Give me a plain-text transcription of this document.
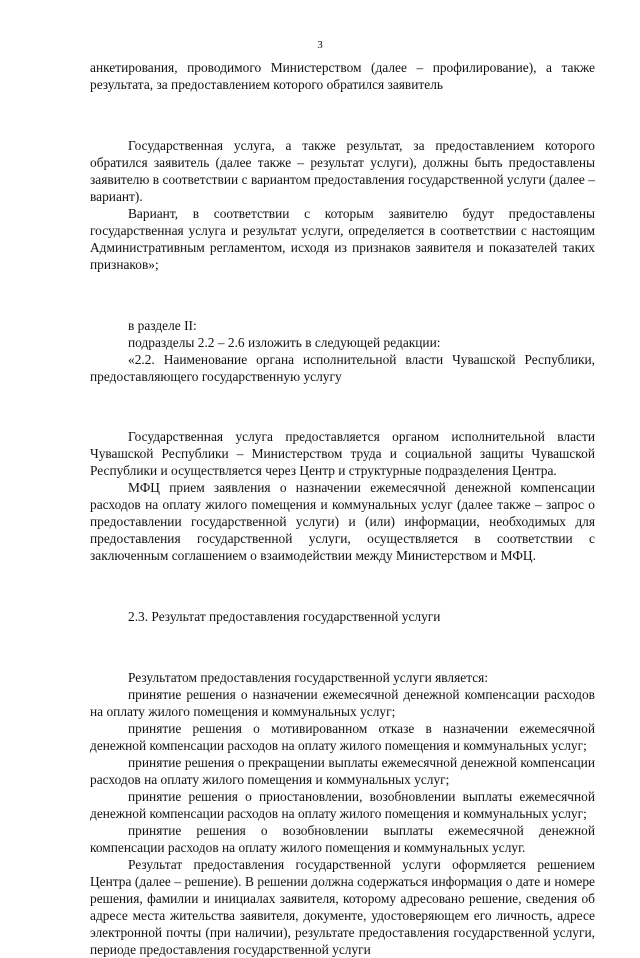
3

анкетирования, проводимого Министерством (далее – профилирование), а также результата, за предоставлением которого обратился заявитель

Государственная услуга, а также результат, за предоставлением которого обратился заявитель (далее также – результат услуги), должны быть предоставлены заявителю в соответствии с вариантом предоставления государственной услуги (далее – вариант).

Вариант, в соответствии с которым заявителю будут предоставлены государственная услуга и результат услуги, определяется в соответствии с настоящим Административным регламентом, исходя из признаков заявителя и показателей таких признаков»;

в разделе II:

подразделы 2.2 – 2.6 изложить в следующей редакции:

«2.2. Наименование органа исполнительной власти Чувашской Республики, предоставляющего государственную услугу

Государственная услуга предоставляется органом исполнительной власти Чувашской Республики – Министерством труда и социальной защиты Чувашской Республики и осуществляется через Центр и структурные подразделения Центра.

МФЦ прием заявления о назначении ежемесячной денежной компенсации расходов на оплату жилого помещения и коммунальных услуг (далее также – запрос о предоставлении государственной услуги) и (или) информации, необходимых для предоставления государственной услуги, осуществляется в соответствии с заключенным соглашением о взаимодействии между Министерством и МФЦ.

2.3. Результат предоставления государственной услуги

Результатом предоставления государственной услуги является:

принятие решения о назначении ежемесячной денежной компенсации расходов на оплату жилого помещения и коммунальных услуг;

принятие решения о мотивированном отказе в назначении ежемесячной денежной компенсации расходов на оплату жилого помещения и коммунальных услуг;

принятие решения о прекращении выплаты ежемесячной денежной компенсации расходов на оплату жилого помещения и коммунальных услуг;

принятие решения о приостановлении, возобновлении выплаты ежемесячной денежной компенсации расходов на оплату жилого помещения и коммунальных услуг;

принятие решения о возобновлении выплаты ежемесячной денежной компенсации расходов на оплату жилого помещения и коммунальных услуг.

Результат предоставления государственной услуги оформляется решением Центра (далее – решение). В решении должна содержаться информация о дате и номере решения, фамилии и инициалах заявителя, которому адресовано решение, сведения об адресе места жительства заявителя, документе, удостоверяющем его личность, адресе электронной почты (при наличии), результате предоставления государственной услуги, периоде предоставления государственной услуги
